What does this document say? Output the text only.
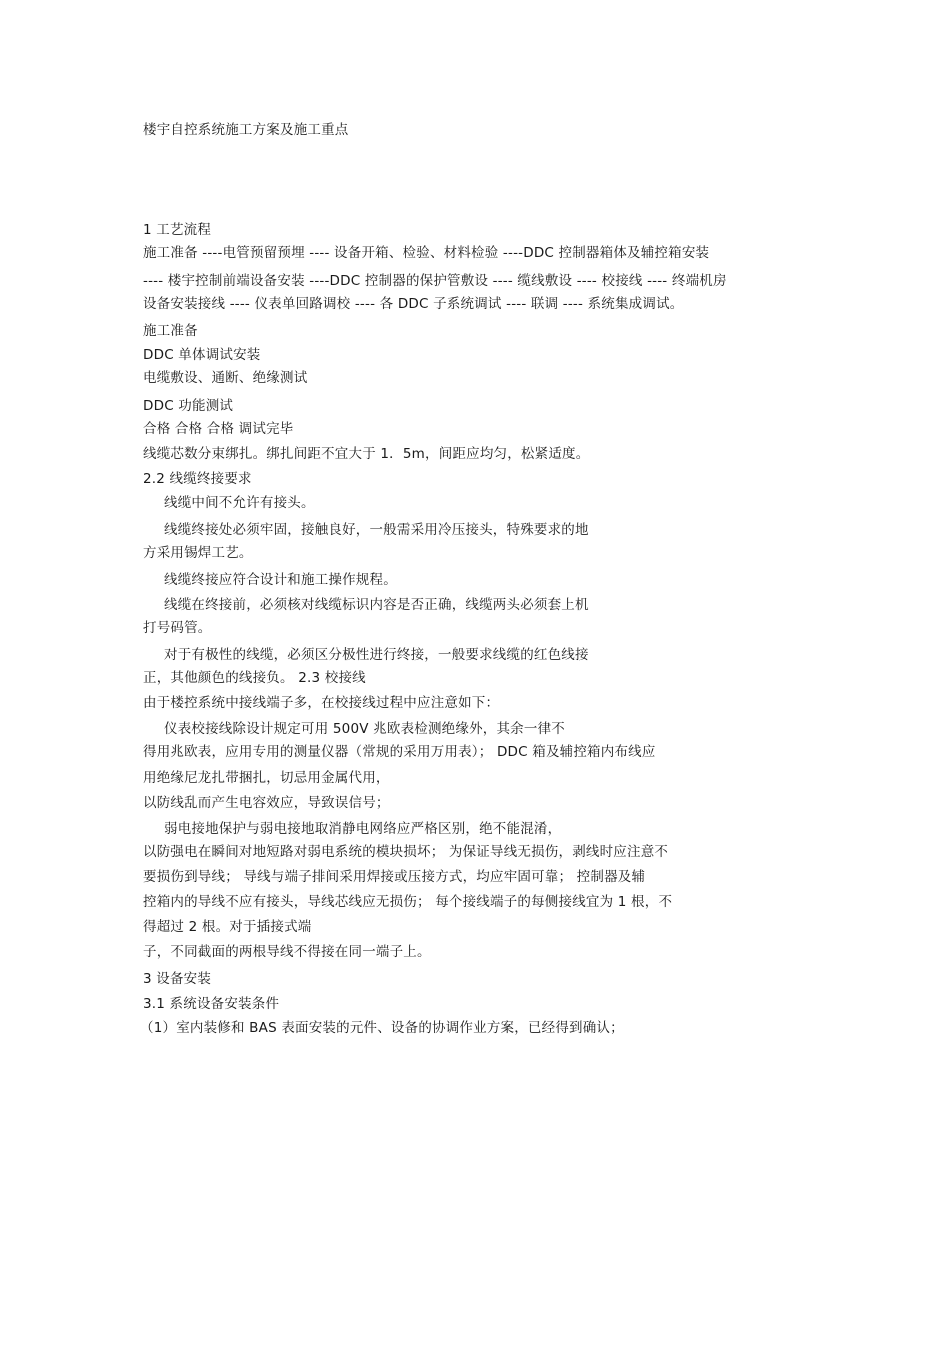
楼宇自控系统施工方案及施工重点
1 工艺流程
施工准备 ----电管预留预埋 ---- 设备开箱、检验、材料检验 ----DDC 控制器箱体及辅控箱安装
---- 楼宇控制前端设备安装 ----DDC 控制器的保护管敷设 ---- 缆线敷设 ---- 校接线 ---- 终端机房
设备安装接线 ---- 仪表单回路调校 ---- 各 DDC 子系统调试 ---- 联调 ---- 系统集成调试。
施工准备
DDC 单体调试安装
电缆敷设、通断、绝缘测试
DDC 功能测试
合格 合格 合格 调试完毕
线缆芯数分束绑扎。绑扎间距不宜大于 1．5m，间距应均匀，松紧适度。
2.2 线缆终接要求
线缆中间不允许有接头。
线缆终接处必须牢固，接触良好，一般需采用冷压接头，特殊要求的地
方采用锡焊工艺。
线缆终接应符合设计和施工操作规程。
线缆在终接前，必须核对线缆标识内容是否正确，线缆两头必须套上机
打号码管。
对于有极性的线缆，必须区分极性进行终接，一般要求线缆的红色线接
正，其他颜色的线接负。 2.3 校接线
由于楼控系统中接线端子多，在校接线过程中应注意如下：
仪表校接线除设计规定可用 500V 兆欧表检测绝缘外，其余一律不
得用兆欧表，应用专用的测量仪器（常规的采用万用表）； DDC 箱及辅控箱内布线应
用绝缘尼龙扎带捆扎，切忌用金属代用，
以防线乱而产生电容效应，导致误信号；
弱电接地保护与弱电接地取消静电网络应严格区别，绝不能混淆，
以防强电在瞬间对地短路对弱电系统的模块损坏； 为保证导线无损伤，剥线时应注意不
要损伤到导线； 导线与端子排间采用焊接或压接方式，均应牢固可靠； 控制器及辅
控箱内的导线不应有接头，导线芯线应无损伤； 每个接线端子的每侧接线宜为 1 根，不
得超过 2 根。对于插接式端
子，不同截面的两根导线不得接在同一端子上。
3 设备安装
3.1 系统设备安装条件
（1）室内装修和 BAS 表面安装的元件、设备的协调作业方案，已经得到确认；
